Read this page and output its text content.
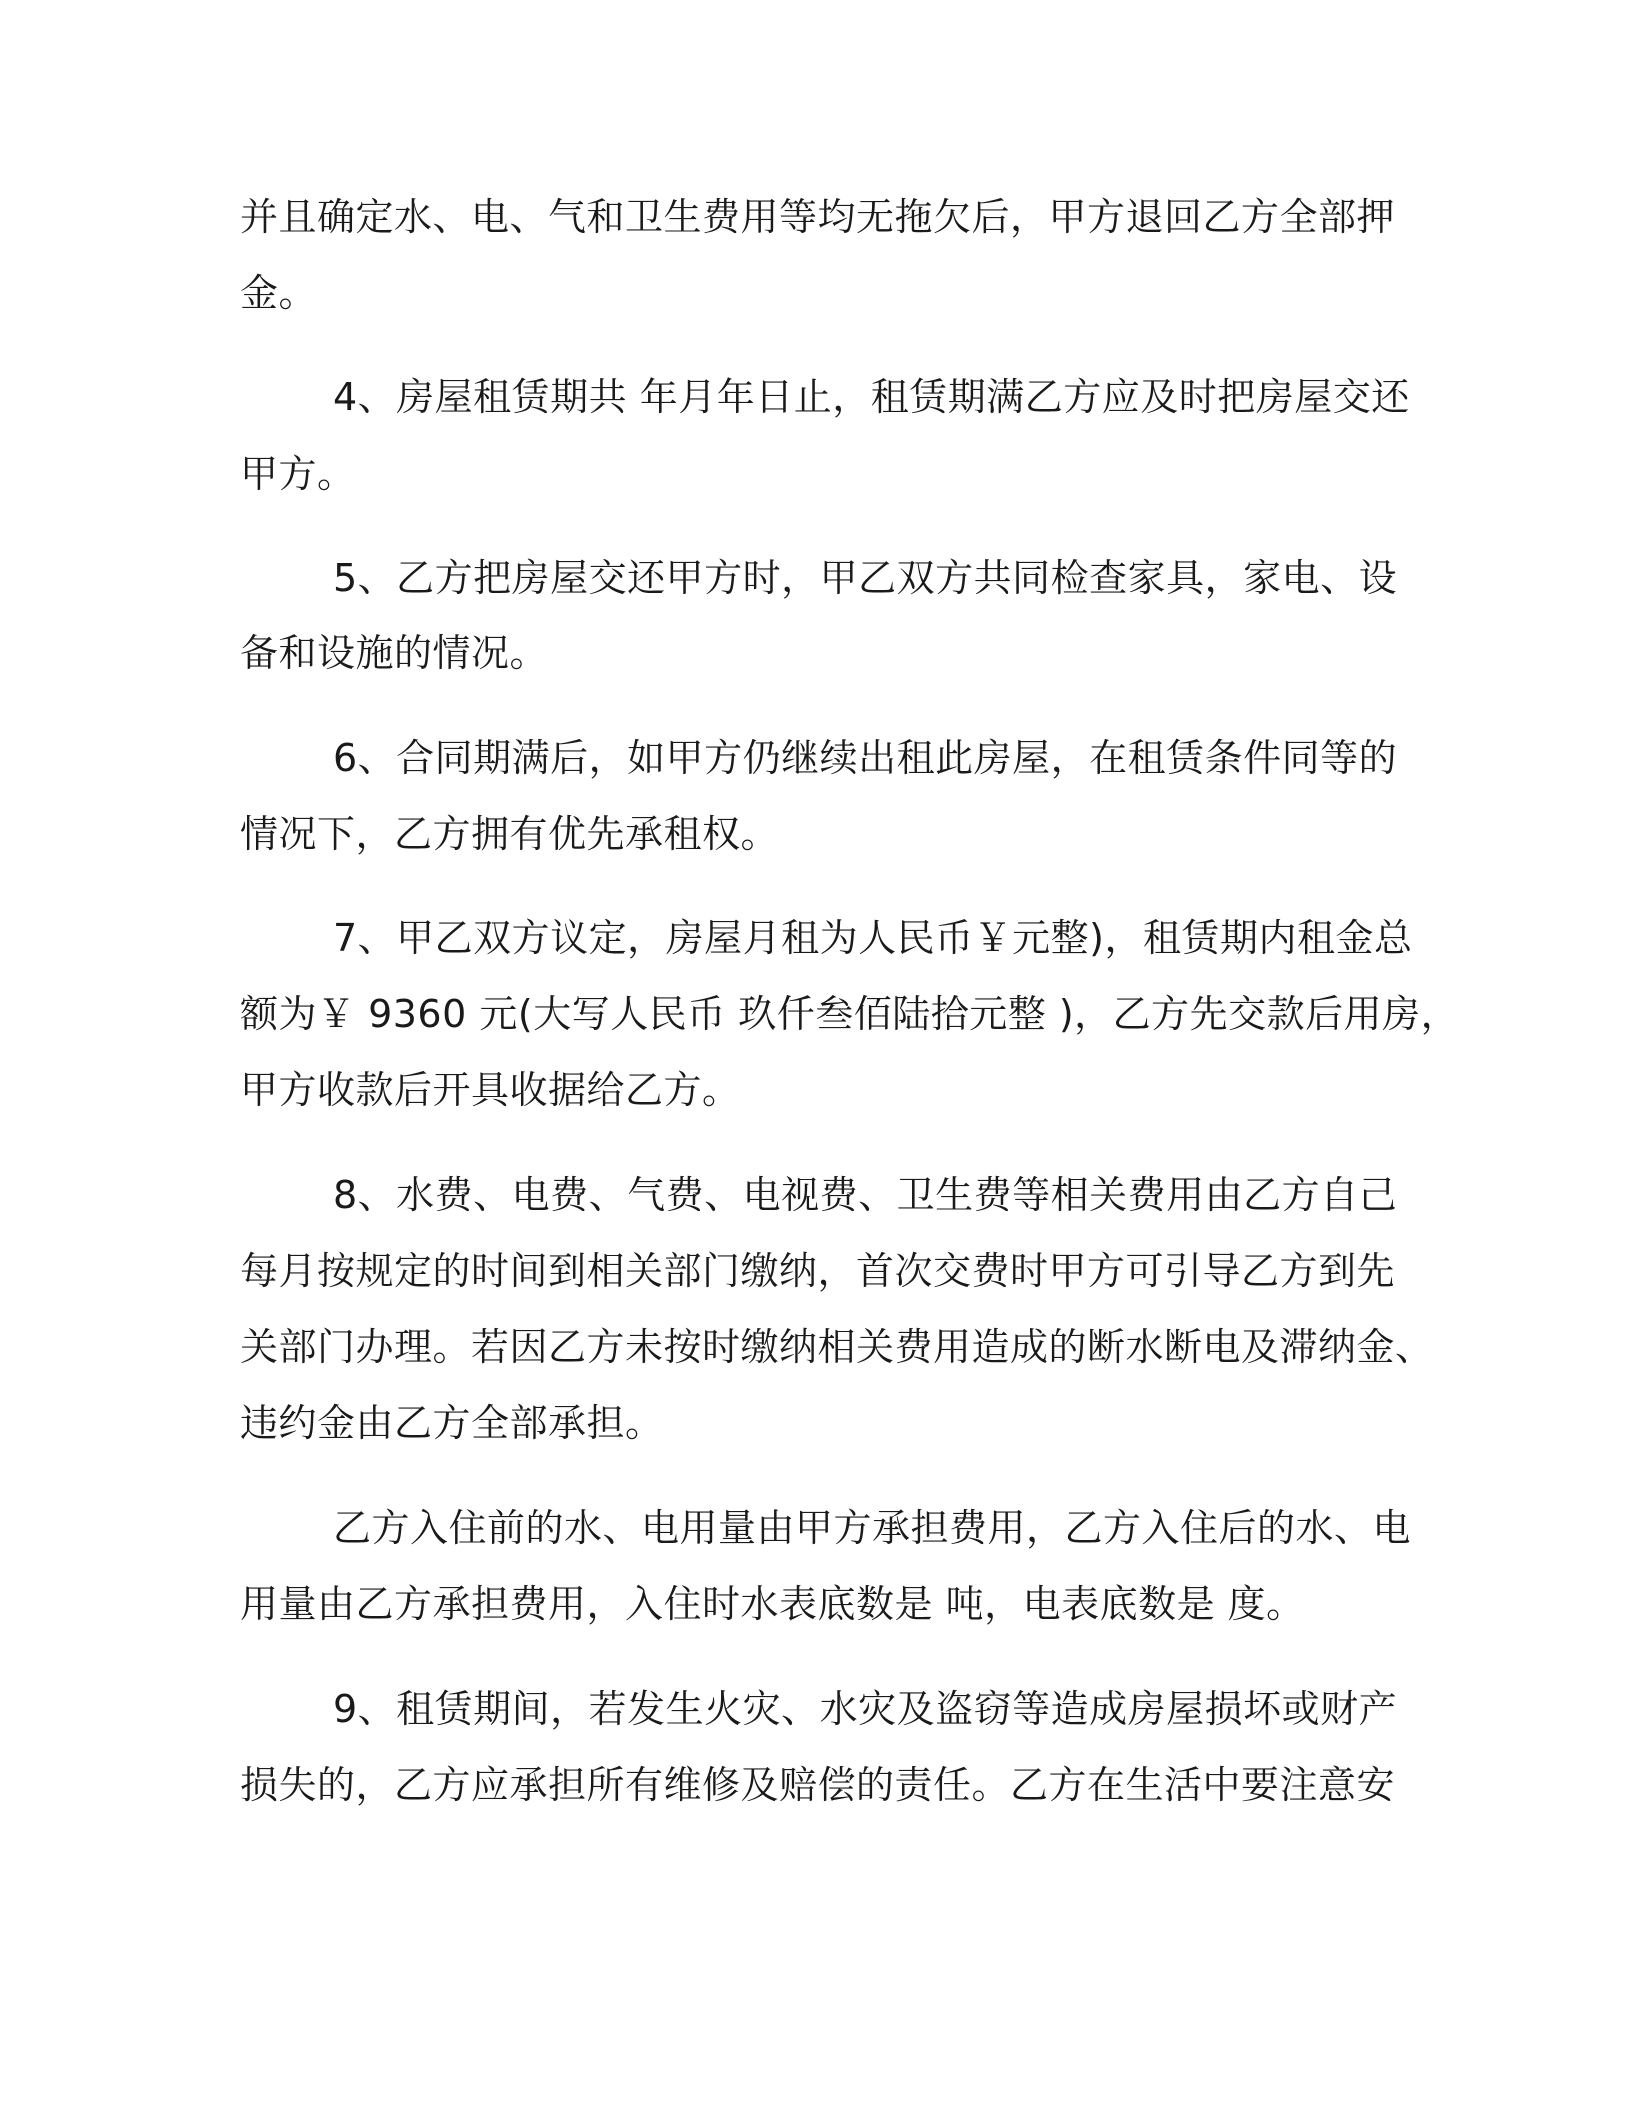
并且确定水、电、气和卫生费用等均无拖欠后，甲方退回乙方全部押
金。
4、房屋租赁期共 年月年日止，租赁期满乙方应及时把房屋交还
甲方。
5、乙方把房屋交还甲方时，甲乙双方共同检查家具，家电、设
备和设施的情况。
6、合同期满后，如甲方仍继续出租此房屋，在租赁条件同等的
情况下，乙方拥有优先承租权。
7、甲乙双方议定，房屋月租为人民币￥元整)，租赁期内租金总
额为￥ 9360 元(大写人民币 玖仟叁佰陆拾元整 )，乙方先交款后用房，
甲方收款后开具收据给乙方。
8、水费、电费、气费、电视费、卫生费等相关费用由乙方自己
每月按规定的时间到相关部门缴纳，首次交费时甲方可引导乙方到先
关部门办理。若因乙方未按时缴纳相关费用造成的断水断电及滞纳金、
违约金由乙方全部承担。
乙方入住前的水、电用量由甲方承担费用，乙方入住后的水、电
用量由乙方承担费用，入住时水表底数是 吨，电表底数是 度。
9、租赁期间，若发生火灾、水灾及盗窃等造成房屋损坏或财产
损失的，乙方应承担所有维修及赔偿的责任。乙方在生活中要注意安
